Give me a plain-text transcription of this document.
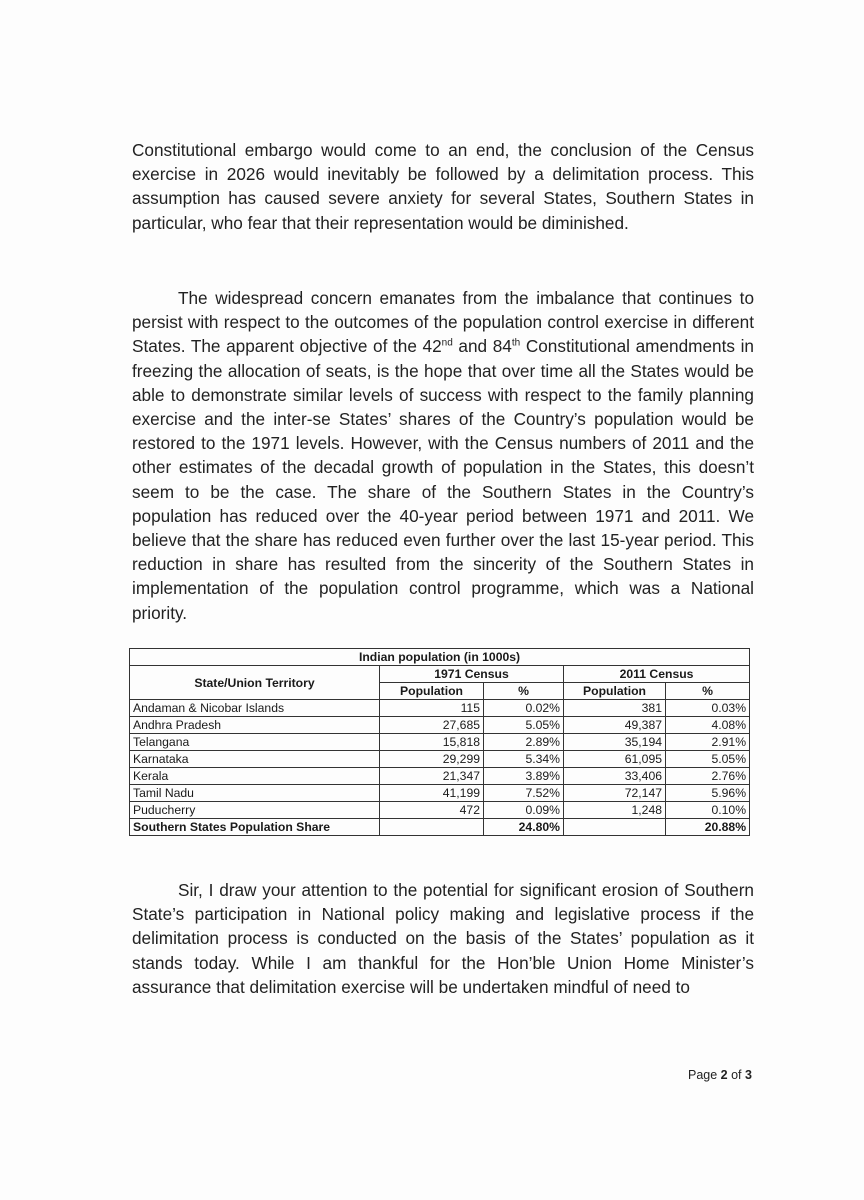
Constitutional embargo would come to an end, the conclusion of the Census exercise in 2026 would inevitably be followed by a delimitation process. This assumption has caused severe anxiety for several States, Southern States in particular, who fear that their representation would be diminished.

The widespread concern emanates from the imbalance that continues to persist with respect to the outcomes of the population control exercise in different States. The apparent objective of the 42nd and 84th Constitutional amendments in freezing the allocation of seats, is the hope that over time all the States would be able to demonstrate similar levels of success with respect to the family planning exercise and the inter-se States’ shares of the Country’s population would be restored to the 1971 levels. However, with the Census numbers of 2011 and the other estimates of the decadal growth of population in the States, this doesn’t seem to be the case. The share of the Southern States in the Country’s population has reduced over the 40-year period between 1971 and 2011. We believe that the share has reduced even further over the last 15-year period. This reduction in share has resulted from the sincerity of the Southern States in implementation of the population control programme, which was a National priority.

Indian population (in 1000s)				
State/Union Territory	1971 Census		2011 Census	
	Population	%	Population	%
Andaman & Nicobar Islands	115	0.02%	381	0.03%
Andhra Pradesh	27,685	5.05%	49,387	4.08%
Telangana	15,818	2.89%	35,194	2.91%
Karnataka	29,299	5.34%	61,095	5.05%
Kerala	21,347	3.89%	33,406	2.76%
Tamil Nadu	41,199	7.52%	72,147	5.96%
Puducherry	472	0.09%	1,248	0.10%
Southern States Population Share		24.80%		20.88%

Sir, I draw your attention to the potential for significant erosion of Southern State’s participation in National policy making and legislative process if the delimitation process is conducted on the basis of the States’ population as it stands today. While I am thankful for the Hon’ble Union Home Minister’s assurance that delimitation exercise will be undertaken mindful of need to

Page 2 of 3
